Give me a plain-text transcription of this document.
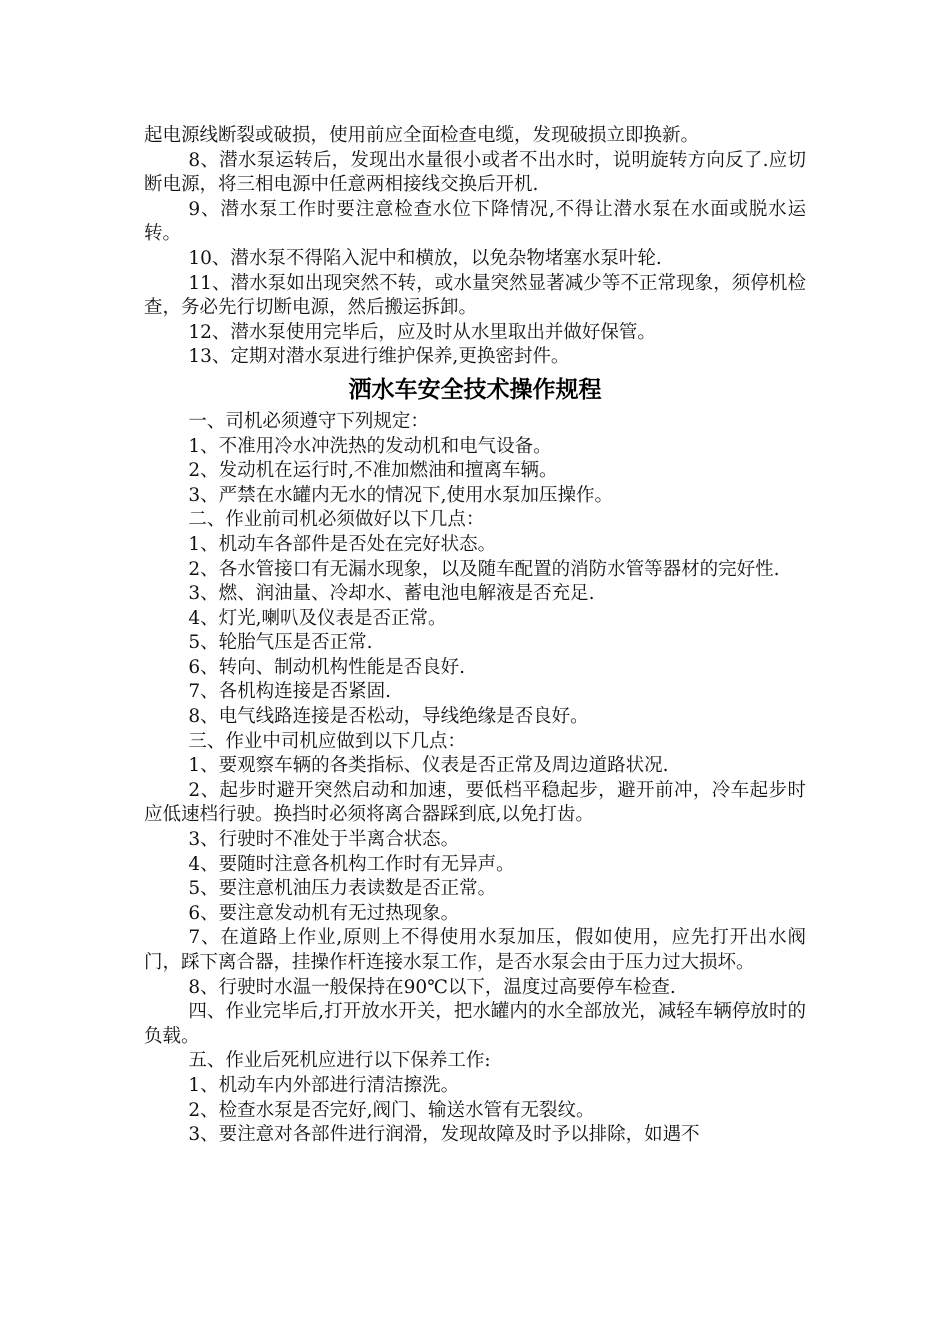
起电源线断裂或破损，使用前应全面检查电缆，发现破损立即换新。

8、潜水泵运转后，发现出水量很小或者不出水时，说明旋转方向反了.应切断电源，将三相电源中任意两相接线交换后开机.

9、潜水泵工作时要注意检查水位下降情况,不得让潜水泵在水面或脱水运转。

10、潜水泵不得陷入泥中和横放，以免杂物堵塞水泵叶轮.

11、潜水泵如出现突然不转，或水量突然显著减少等不正常现象，须停机检查，务必先行切断电源，然后搬运拆卸。

12、潜水泵使用完毕后，应及时从水里取出并做好保管。

13、定期对潜水泵进行维护保养,更换密封件。

洒水车安全技术操作规程

一、司机必须遵守下列规定：

1、不准用冷水冲洗热的发动机和电气设备。

2、发动机在运行时,不准加燃油和擅离车辆。

3、严禁在水罐内无水的情况下,使用水泵加压操作。

二、作业前司机必须做好以下几点：

1、机动车各部件是否处在完好状态。

2、各水管接口有无漏水现象，以及随车配置的消防水管等器材的完好性.

3、燃、润油量、冷却水、蓄电池电解液是否充足.

4、灯光,喇叭及仪表是否正常。

5、轮胎气压是否正常.

6、转向、制动机构性能是否良好.

7、各机构连接是否紧固.

8、电气线路连接是否松动，导线绝缘是否良好。

三、作业中司机应做到以下几点：

1、要观察车辆的各类指标、仪表是否正常及周边道路状况.

2、起步时避开突然启动和加速，要低档平稳起步，避开前冲，冷车起步时应低速档行驶。换挡时必须将离合器踩到底,以免打齿。

3、行驶时不准处于半离合状态。

4、要随时注意各机构工作时有无异声。

5、要注意机油压力表读数是否正常。

6、要注意发动机有无过热现象。

7、在道路上作业,原则上不得使用水泵加压，假如使用，应先打开出水阀门，踩下离合器，挂操作杆连接水泵工作，是否水泵会由于压力过大损坏。

8、行驶时水温一般保持在90℃以下，温度过高要停车检查.

四、作业完毕后,打开放水开关，把水罐内的水全部放光，减轻车辆停放时的负载。

五、作业后死机应进行以下保养工作:

1、机动车内外部进行清洁擦洗。

2、检查水泵是否完好,阀门、输送水管有无裂纹。

3、要注意对各部件进行润滑，发现故障及时予以排除，如遇不
